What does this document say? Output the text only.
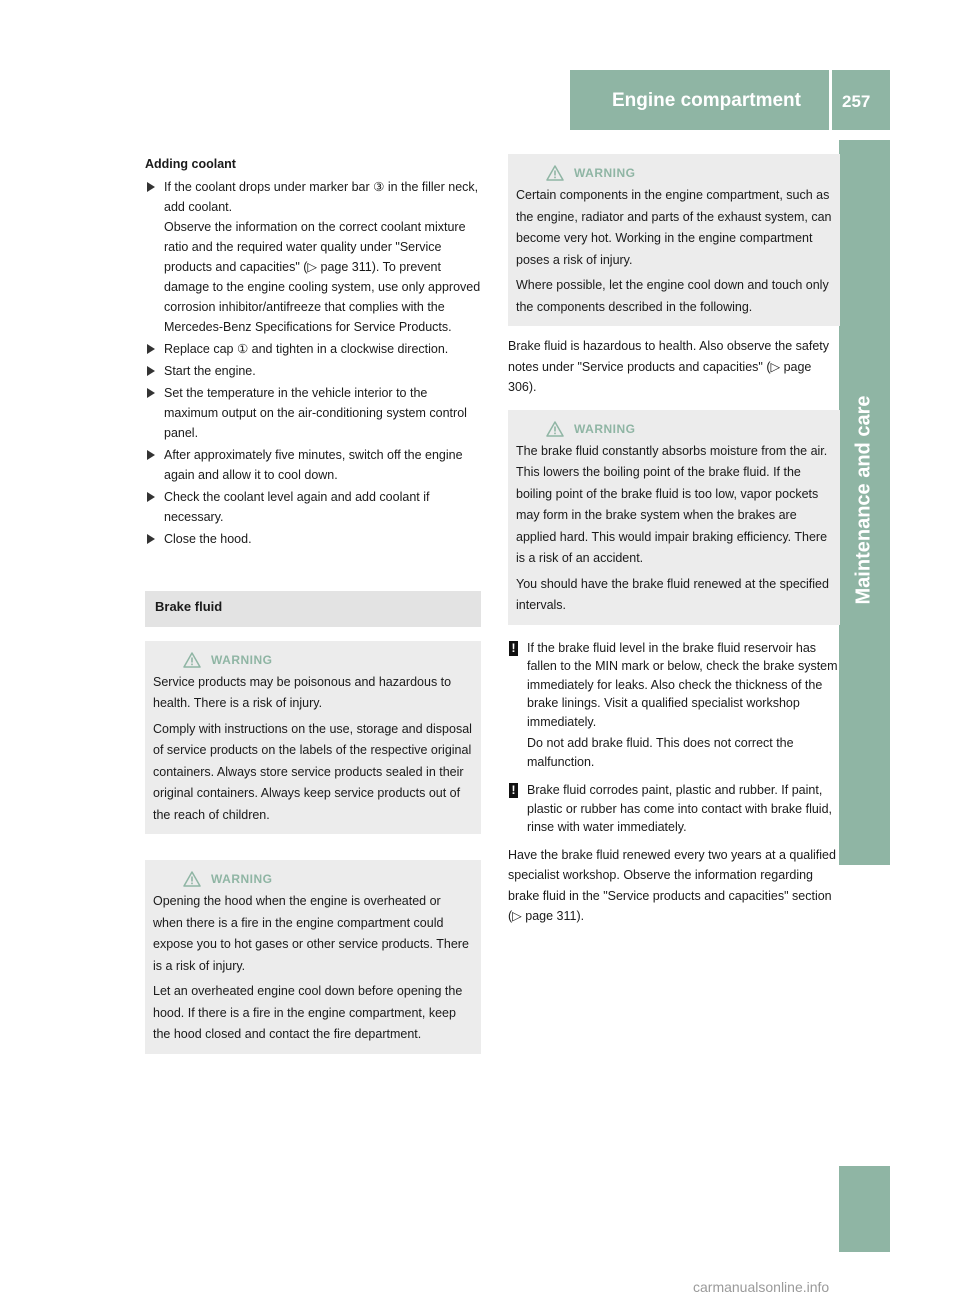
Engine compartment 257
Maintenance and care
Adding coolant
If the coolant drops under marker bar ③ in the filler neck, add coolant.
Observe the information on the correct coolant mixture ratio and the required water quality under "Service products and capacities" (▷ page 311). To prevent damage to the engine cooling system, use only approved corrosion inhibitor/antifreeze that complies with the Mercedes-Benz Specifications for Service Products.
Replace cap ① and tighten in a clockwise direction.
Start the engine.
Set the temperature in the vehicle interior to the maximum output on the air-conditioning system control panel.
After approximately five minutes, switch off the engine again and allow it to cool down.
Check the coolant level again and add coolant if necessary.
Close the hood.
Brake fluid
WARNING

Service products may be poisonous and hazardous to health. There is a risk of injury.

Comply with instructions on the use, storage and disposal of service products on the labels of the respective original containers. Always store service products sealed in their original containers. Always keep service products out of the reach of children.

WARNING

Opening the hood when the engine is overheated or when there is a fire in the engine compartment could expose you to hot gases or other service products. There is a risk of injury.

Let an overheated engine cool down before opening the hood. If there is a fire in the engine compartment, keep the hood closed and contact the fire department.

WARNING

Certain components in the engine compartment, such as the engine, radiator and parts of the exhaust system, can become very hot. Working in the engine compartment poses a risk of injury.

Where possible, let the engine cool down and touch only the components described in the following.

Brake fluid is hazardous to health. Also observe the safety notes under "Service products and capacities" (▷ page 306).

WARNING

The brake fluid constantly absorbs moisture from the air. This lowers the boiling point of the brake fluid. If the boiling point of the brake fluid is too low, vapor pockets may form in the brake system when the brakes are applied hard. This would impair braking efficiency. There is a risk of an accident.

You should have the brake fluid renewed at the specified intervals.

! If the brake fluid level in the brake fluid reservoir has fallen to the MIN mark or below, check the brake system immediately for leaks. Also check the thickness of the brake linings. Visit a qualified specialist workshop immediately.

Do not add brake fluid. This does not correct the malfunction.

! Brake fluid corrodes paint, plastic and rubber. If paint, plastic or rubber has come into contact with brake fluid, rinse with water immediately.

Have the brake fluid renewed every two years at a qualified specialist workshop. Observe the information regarding brake fluid in the "Service products and capacities" section (▷ page 311).

carmanualsonline.info
